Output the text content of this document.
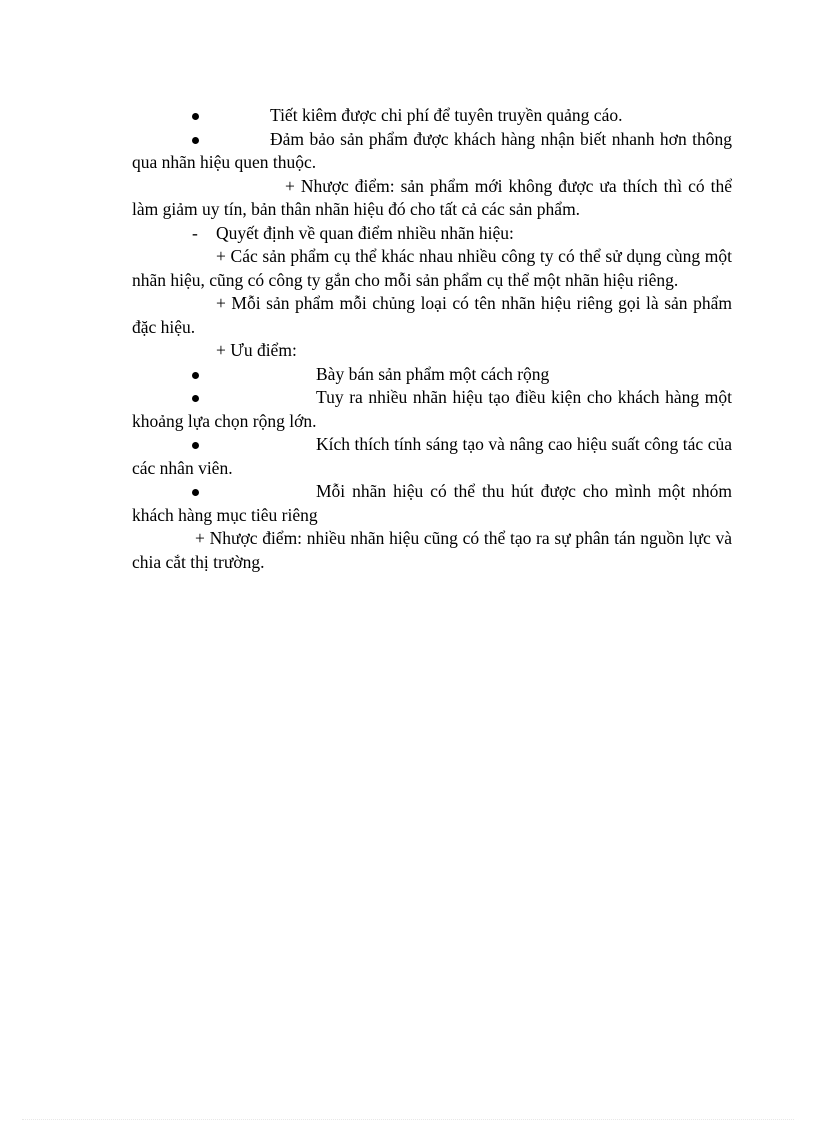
Tiết kiêm được chi phí để tuyên truyền quảng cáo.
Đảm bảo sản phẩm được khách hàng nhận biết nhanh hơn thông qua nhãn hiệu quen thuộc.
+ Nhược điểm: sản phẩm mới không được ưa thích thì có thể làm giảm uy tín, bản thân nhãn hiệu đó cho tất cả các sản phẩm.
-	Quyết định về quan điểm nhiều nhãn hiệu:
+ Các sản phẩm cụ thể khác nhau nhiều công ty có thể sử dụng cùng một nhãn hiệu, cũng có công ty gắn cho mỗi sản phẩm cụ thể một nhãn hiệu riêng.
+ Mỗi sản phẩm mỗi chủng loại có tên nhãn hiệu riêng gọi là sản phẩm đặc hiệu.
+ Ưu điểm:
Bày bán sản phẩm một cách rộng
Tuy ra nhiều nhãn hiệu tạo điều kiện cho khách hàng một khoảng lựa chọn rộng lớn.
Kích thích tính sáng tạo và nâng cao hiệu suất công tác của các nhân viên.
Mỗi nhãn hiệu có thể thu hút được cho mình một nhóm khách hàng mục tiêu riêng
+ Nhược điểm: nhiều nhãn hiệu cũng có thể tạo ra sự phân tán nguồn lực và chia cắt thị trường.
